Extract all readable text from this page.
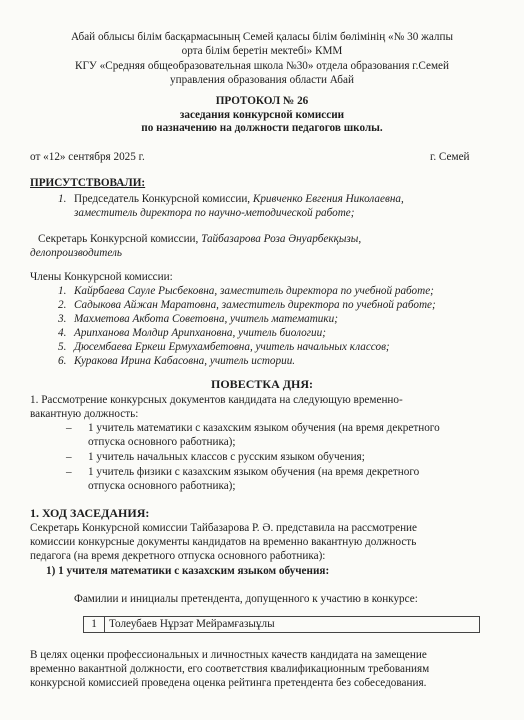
Абай облысы білім басқармасының Семей қаласы білім бөлімінің «№ 30 жалпы
орта білім беретін мектебі» КММ
КГУ «Средняя общеобразовательная школа №30» отдела образования г.Семей
управления образования области Абай
ПРОТОКОЛ № 26
заседания конкурсной комиссии
по назначению на должности педагогов школы.
от «12» сентября 2025 г.	г. Семей
ПРИСУТСТВОВАЛИ:
1. Председатель Конкурсной комиссии, Кривченко Евгения Николаевна,
заместитель директора по научно-методической работе;
Секретарь Конкурсной комиссии, Тайбазарова Роза Әнуарбекқызы,
делопроизводитель
Члены Конкурсной комиссии:
1. Кайрбаева Сауле Рысбековна, заместитель директора по учебной работе;
2. Садыкова Айжан Маратовна, заместитель директора по учебной работе;
3. Махметова Акбота Советовна, учитель математики;
4. Арипханова Молдир Арипхановна, учитель биологии;
5. Дюсембаева Еркеш Ермухамбетовна, учитель начальных классов;
6. Куракова Ирина Кабасовна, учитель истории.
ПОВЕСТКА ДНЯ:
1. Рассмотрение конкурсных документов кандидата на следующую временно-
вакантную должность:
– 1 учитель математики с казахским языком обучения (на время декретного
отпуска основного работника);
– 1 учитель начальных классов с русским языком обучения;
– 1 учитель физики с казахским языком обучения (на время декретного
отпуска основного работника);
1. ХОД ЗАСЕДАНИЯ:
Секретарь Конкурсной комиссии Тайбазарова Р. Ә. представила на рассмотрение
комиссии конкурсные документы кандидатов на временно вакантную должность
педагога (на время декретного отпуска основного работника):
1) 1 учителя математики с казахским языком обучения:
Фамилии и инициалы претендента, допущенного к участию в конкурсе:
1	Толеубаев Нұрзат Мейрамғазыұлы
В целях оценки профессиональных и личностных качеств кандидата на замещение
временно вакантной должности, его соответствия квалификационным требованиям
конкурсной комиссией проведена оценка рейтинга претендента без собеседования.
